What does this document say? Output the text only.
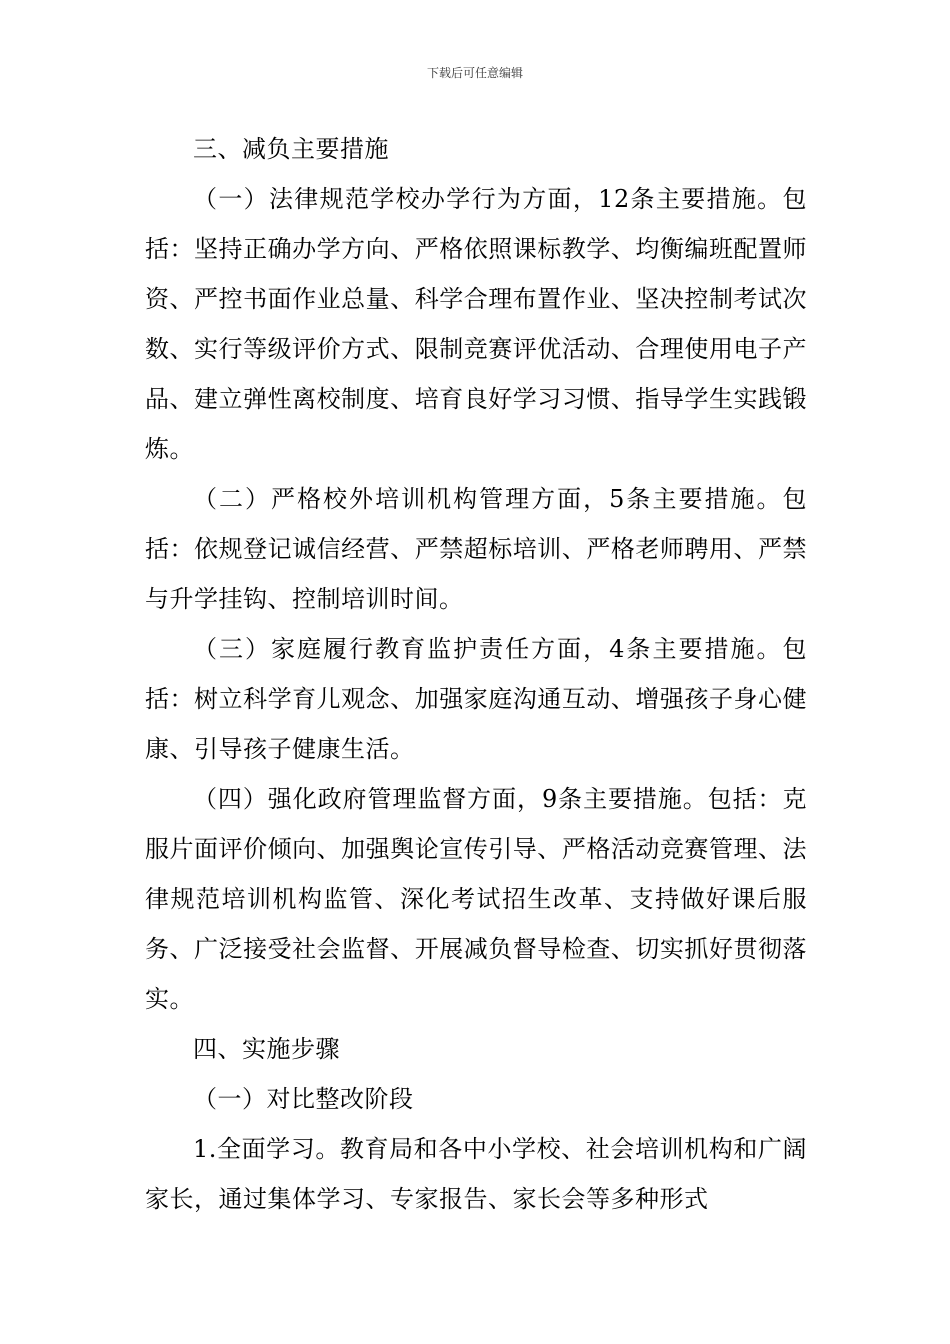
下载后可任意编辑

三、减负主要措施

（一）法律规范学校办学行为方面，12条主要措施。包括：坚持正确办学方向、严格依照课标教学、均衡编班配置师资、严控书面作业总量、科学合理布置作业、坚决控制考试次数、实行等级评价方式、限制竞赛评优活动、合理使用电子产品、建立弹性离校制度、培育良好学习习惯、指导学生实践锻炼。

（二）严格校外培训机构管理方面，5条主要措施。包括：依规登记诚信经营、严禁超标培训、严格老师聘用、严禁与升学挂钩、控制培训时间。

（三）家庭履行教育监护责任方面，4条主要措施。包括：树立科学育儿观念、加强家庭沟通互动、增强孩子身心健康、引导孩子健康生活。

（四）强化政府管理监督方面，9条主要措施。包括：克服片面评价倾向、加强舆论宣传引导、严格活动竞赛管理、法律规范培训机构监管、深化考试招生改革、支持做好课后服务、广泛接受社会监督、开展减负督导检查、切实抓好贯彻落实。

四、实施步骤

（一）对比整改阶段

1.全面学习。教育局和各中小学校、社会培训机构和广阔家长，通过集体学习、专家报告、家长会等多种形式
